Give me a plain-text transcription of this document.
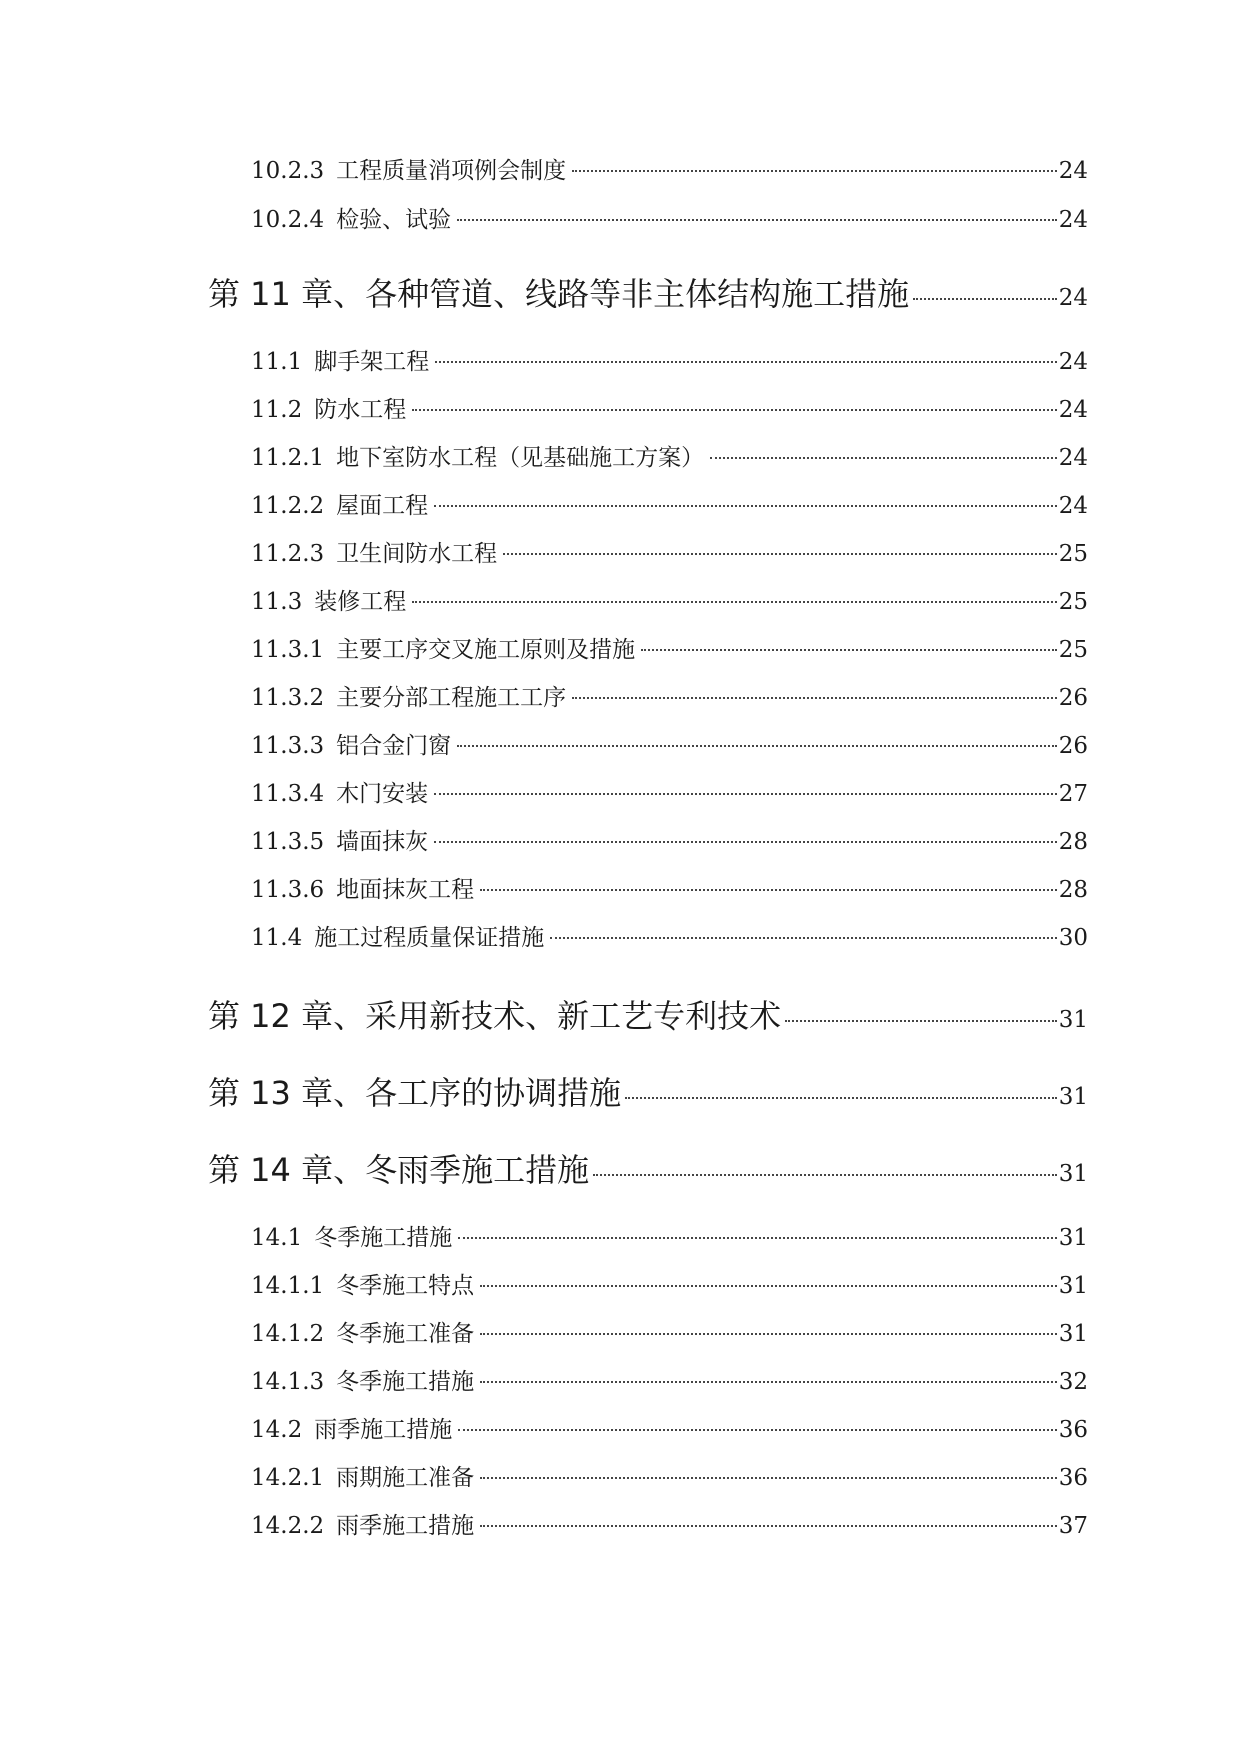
10.2.3 工程质量消项例会制度	24
10.2.4 检验、试验	24
第 11 章、 各种管道、线路等非主体结构施工措施	24
11.1 脚手架工程	24
11.2 防水工程	24
11.2.1 地下室防水工程（见基础施工方案）	24
11.2.2 屋面工程	24
11.2.3 卫生间防水工程	25
11.3 装修工程	25
11.3.1 主要工序交叉施工原则及措施	25
11.3.2 主要分部工程施工工序	26
11.3.3 铝合金门窗	26
11.3.4 木门安装	27
11.3.5 墙面抹灰	28
11.3.6 地面抹灰工程	28
11.4 施工过程质量保证措施	30
第 12 章、 采用新技术、新工艺专利技术	31
第 13 章、 各工序的协调措施	31
第 14 章、 冬雨季施工措施	31
14.1 冬季施工措施	31
14.1.1 冬季施工特点	31
14.1.2 冬季施工准备	31
14.1.3 冬季施工措施	32
14.2 雨季施工措施	36
14.2.1 雨期施工准备	36
14.2.2 雨季施工措施	37
